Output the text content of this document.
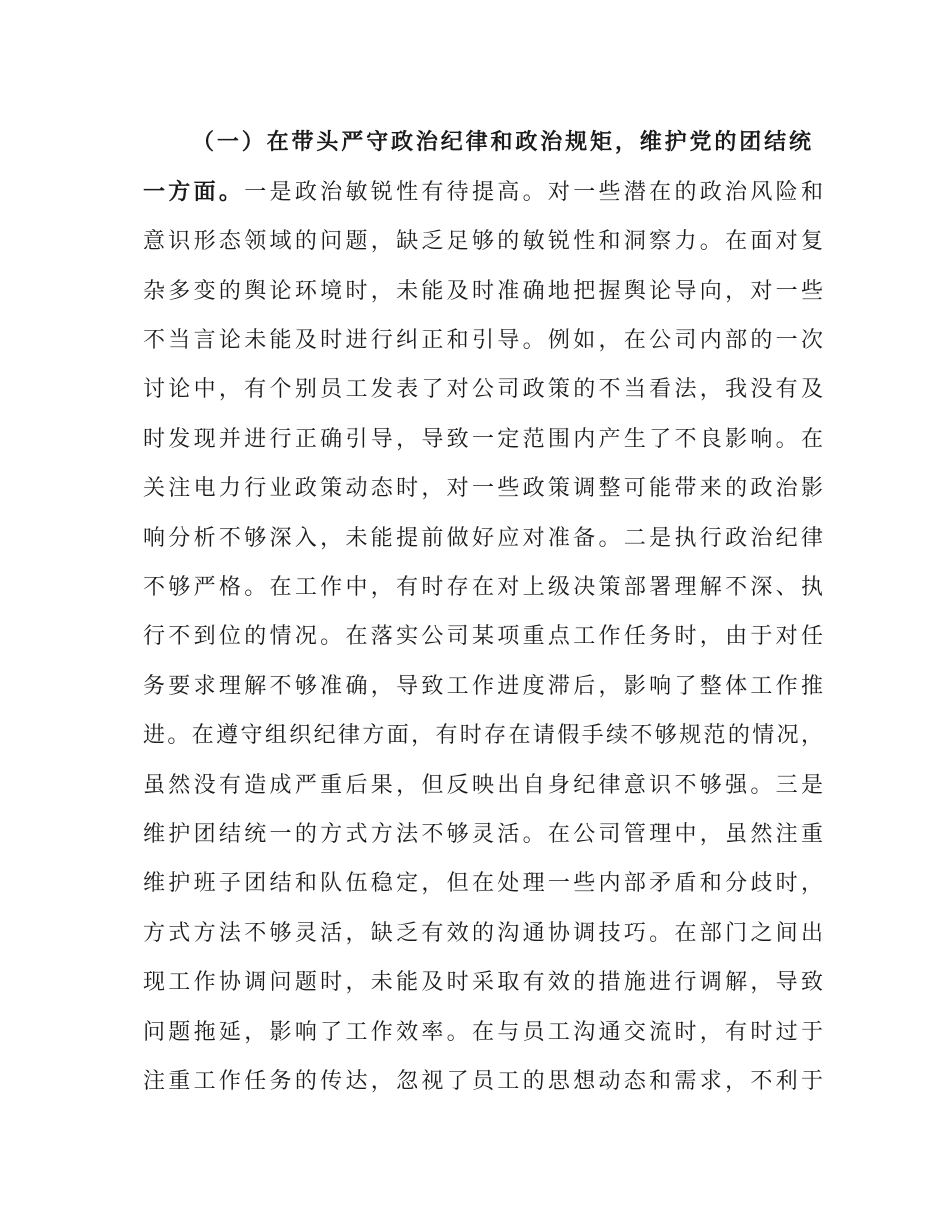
（一）在带头严守政治纪律和政治规矩，维护党的团结统
一方面。一是政治敏锐性有待提高。对一些潜在的政治风险和
意识形态领域的问题，缺乏足够的敏锐性和洞察力。在面对复
杂多变的舆论环境时，未能及时准确地把握舆论导向，对一些
不当言论未能及时进行纠正和引导。例如，在公司内部的一次
讨论中，有个别员工发表了对公司政策的不当看法，我没有及
时发现并进行正确引导，导致一定范围内产生了不良影响。在
关注电力行业政策动态时，对一些政策调整可能带来的政治影
响分析不够深入，未能提前做好应对准备。二是执行政治纪律
不够严格。在工作中，有时存在对上级决策部署理解不深、执
行不到位的情况。在落实公司某项重点工作任务时，由于对任
务要求理解不够准确，导致工作进度滞后，影响了整体工作推
进。在遵守组织纪律方面，有时存在请假手续不够规范的情况，
虽然没有造成严重后果，但反映出自身纪律意识不够强。三是
维护团结统一的方式方法不够灵活。在公司管理中，虽然注重
维护班子团结和队伍稳定，但在处理一些内部矛盾和分歧时，
方式方法不够灵活，缺乏有效的沟通协调技巧。在部门之间出
现工作协调问题时，未能及时采取有效的措施进行调解，导致
问题拖延，影响了工作效率。在与员工沟通交流时，有时过于
注重工作任务的传达，忽视了员工的思想动态和需求，不利于
